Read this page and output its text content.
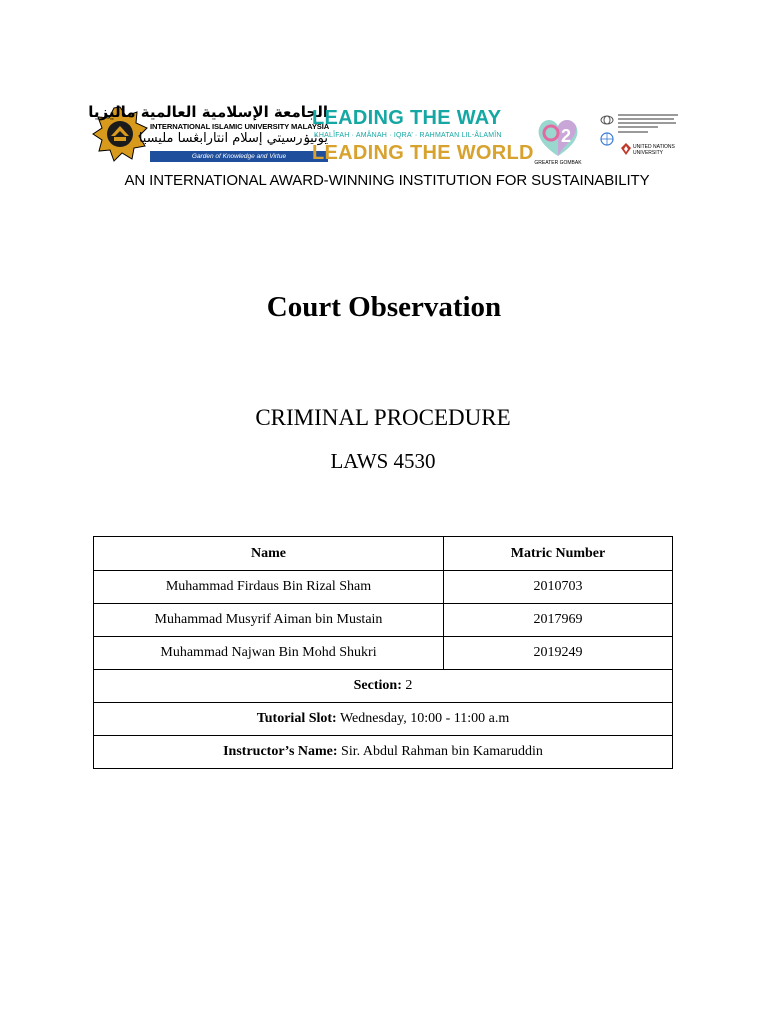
الجامعة الإسلامية العالمية ماليزيا
INTERNATIONAL ISLAMIC UNIVERSITY MALAYSIA
يونيۏرسيتي إسلام انتارابڠسا مليسيا
Garden of Knowledge and Virtue
LEADING THE WAY
KHALÎFAH · AMÂNAH · IQRA’ · RAHMATAN LIL-ÂLAMÎN
LEADING THE WORLD
2
GREATER GOMBAK
UNITED NATIONS UNIVERSITY
AN INTERNATIONAL AWARD-WINNING INSTITUTION FOR SUSTAINABILITY
Court Observation
CRIMINAL PROCEDURE
LAWS 4530
Name	Matric Number
Muhammad Firdaus Bin Rizal Sham	2010703
Muhammad Musyrif Aiman bin Mustain	2017969
Muhammad Najwan Bin Mohd Shukri	2019249
Section: 2	
Tutorial Slot: Wednesday, 10:00 - 11:00 a.m	
Instructor’s Name: Sir. Abdul Rahman bin Kamaruddin	
